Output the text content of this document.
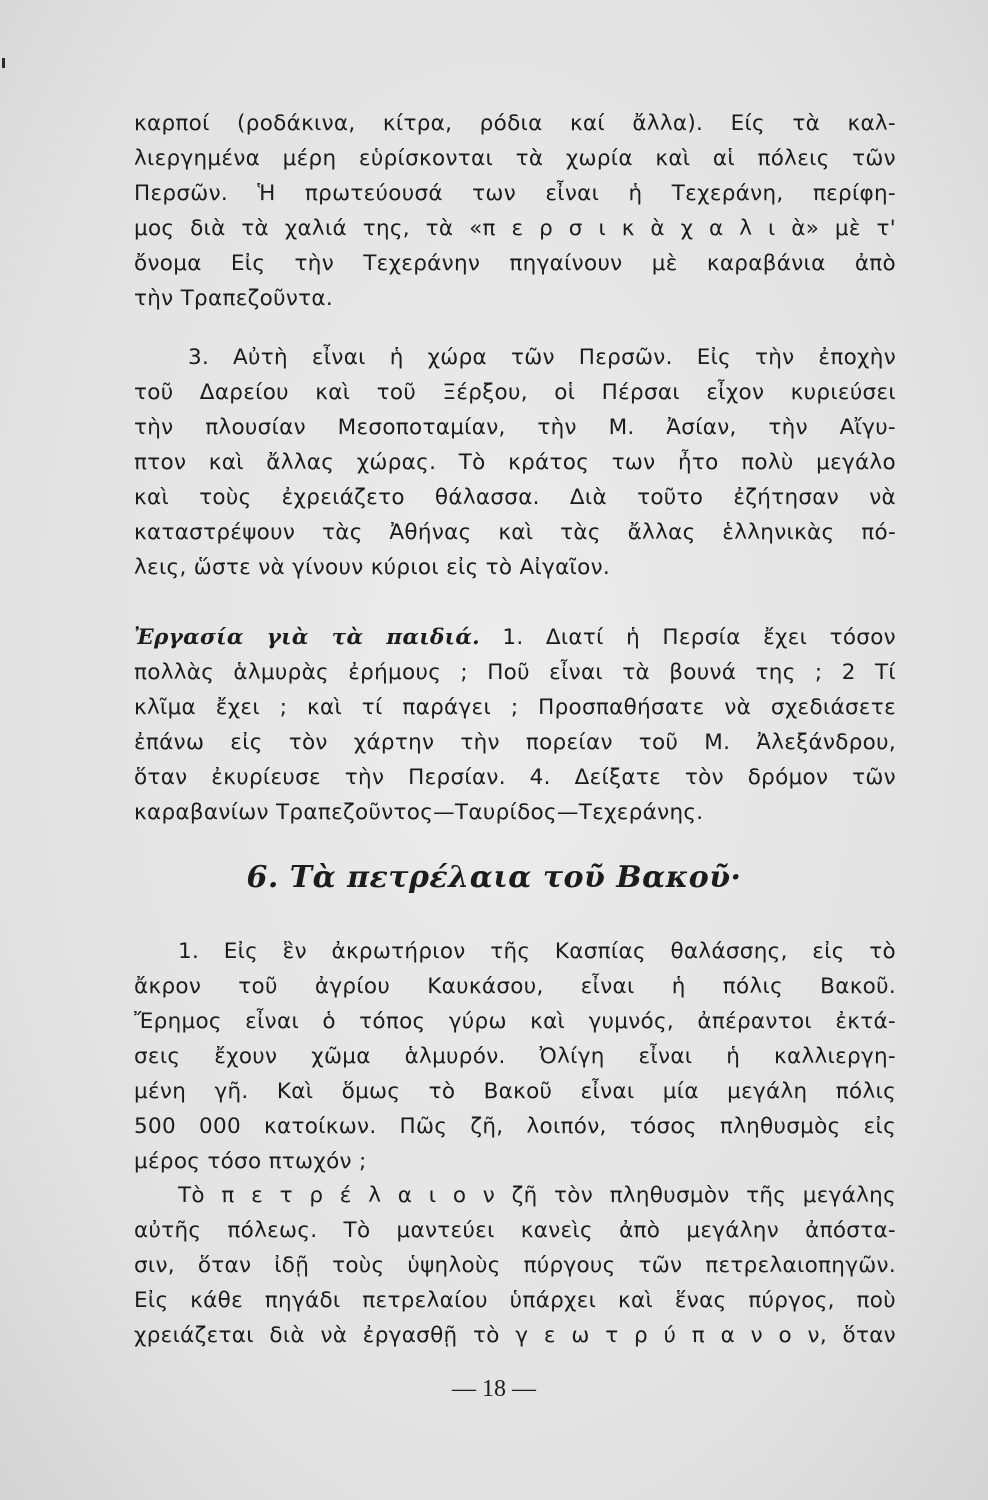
καρποί (ροδάκινα, κίτρα, ρόδια καί ἄλλα). Είς τὰ καλ-
λιεργημένα μέρη εὑρίσκονται τὰ χωρία καὶ αἱ πόλεις τῶν
Περσῶν. Ἡ πρωτεύουσά των εἶναι ἡ Τεχεράνη, περίφη-
μος διὰ τὰ χαλιά της, τὰ «π ε ρ σ ι κ ὰ χ α λ ι ὰ» μὲ τ'
ὄνομα Εἰς τὴν Τεχεράνην πηγαίνουν μὲ καραβάνια ἀπὸ
τὴν Τραπεζοῦντα.
3. Αὐτὴ εἶναι ἡ χώρα τῶν Περσῶν. Εἰς τὴν ἐποχὴν
τοῦ Δαρείου καὶ τοῦ Ξέρξου, οἱ Πέρσαι εἶχον κυριεύσει
τὴν πλουσίαν Μεσοποταμίαν, τὴν Μ. Ἀσίαν, τὴν Αἴγυ-
πτον καὶ ἄλλας χώρας. Τὸ κράτος των ἦτο πολὺ μεγάλο
καὶ τοὺς ἐχρειάζετο θάλασσα. Διὰ τοῦτο ἐζήτησαν νὰ
καταστρέψουν τὰς Ἀθήνας καὶ τὰς ἄλλας ἑλληνικὰς πό-
λεις, ὥστε νὰ γίνουν κύριοι εἰς τὸ Αἰγαῖον.
Ἐργασία γιὰ τὰ παιδιά. 1. Διατί ἡ Περσία ἔχει τόσον
πολλὰς ἁλμυρὰς ἐρήμους ; Ποῦ εἶναι τὰ βουνά της ; 2 Τί
κλῖμα ἔχει ; καὶ τί παράγει ; Προσπαθήσατε νὰ σχεδιάσετε
ἐπάνω εἰς τὸν χάρτην τὴν πορείαν τοῦ Μ. Ἀλεξάνδρου,
ὅταν ἐκυρίευσε τὴν Περσίαν. 4. Δείξατε τὸν δρόμον τῶν
καραβανίων Τραπεζοῦντος—Ταυρίδος—Τεχεράνης.
6. Τὰ πετρέλαια τοῦ Βακοῦ·
1. Εἰς ἓν ἀκρωτήριον τῆς Κασπίας θαλάσσης, εἰς τὸ
ἄκρον τοῦ ἀγρίου Καυκάσου, εἶναι ἡ πόλις Βακοῦ.
Ἔρημος εἶναι ὁ τόπος γύρω καὶ γυμνός, ἀπέραντοι ἐκτά-
σεις ἔχουν χῶμα ἁλμυρόν. Ὀλίγη εἶναι ἡ καλλιεργη-
μένη γῆ. Καὶ ὅμως τὸ Βακοῦ εἶναι μία μεγάλη πόλις
500 000 κατοίκων. Πῶς ζῆ, λοιπόν, τόσος πληθυσμὸς εἰς
μέρος τόσο πτωχόν ;
Τὸ π ε τ ρ έ λ α ι ο ν ζῆ τὸν πληθυσμὸν τῆς μεγάλης
αὐτῆς πόλεως. Τὸ μαντεύει κανεὶς ἀπὸ μεγάλην ἀπόστα-
σιν, ὅταν ἰδῇ τοὺς ὑψηλοὺς πύργους τῶν πετρελαιοπηγῶν.
Εἰς κάθε πηγάδι πετρελαίου ὑπάρχει καὶ ἕνας πύργος, ποὺ
χρειάζεται διὰ νὰ ἐργασθῇ τὸ γ ε ω τ ρ ύ π α ν ο ν, ὅταν
— 18 —
